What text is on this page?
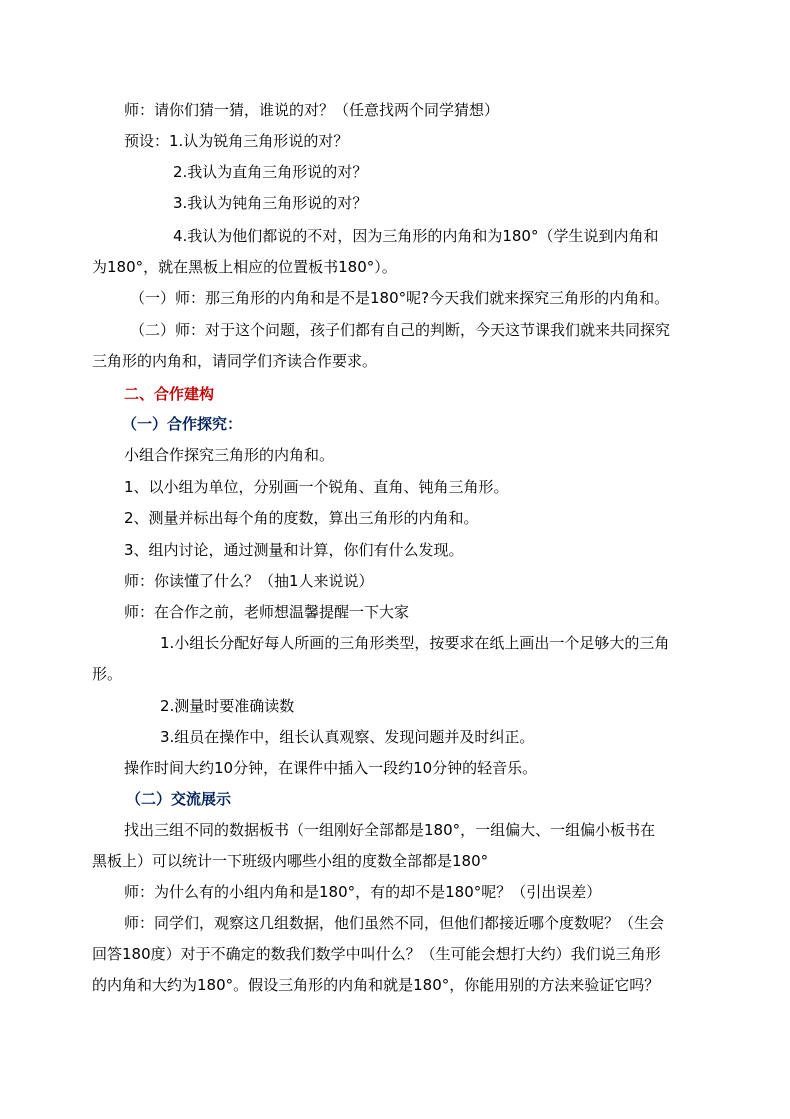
师：请你们猜一猜，谁说的对？（任意找两个同学猜想）
预设：1.认为锐角三角形说的对？
2.我认为直角三角形说的对？
3.我认为钝角三角形说的对？
4.我认为他们都说的不对，因为三角形的内角和为180°（学生说到内角和
为180°，就在黑板上相应的位置板书180°）。
（一）师：那三角形的内角和是不是180°呢?今天我们就来探究三角形的内角和。
（二）师：对于这个问题，孩子们都有自己的判断，今天这节课我们就来共同探究
三角形的内角和，请同学们齐读合作要求。
二、合作建构
（一）合作探究：
小组合作探究三角形的内角和。
1、以小组为单位，分别画一个锐角、直角、钝角三角形。
2、测量并标出每个角的度数，算出三角形的内角和。
3、组内讨论，通过测量和计算，你们有什么发现。
师：你读懂了什么？（抽1人来说说）
师：在合作之前，老师想温馨提醒一下大家
1.小组长分配好每人所画的三角形类型，按要求在纸上画出一个足够大的三角
形。
2.测量时要准确读数
3.组员在操作中，组长认真观察、发现问题并及时纠正。
操作时间大约10分钟，在课件中插入一段约10分钟的轻音乐。
（二）交流展示
找出三组不同的数据板书（一组刚好全部都是180°，一组偏大、一组偏小板书在
黑板上）可以统计一下班级内哪些小组的度数全部都是180°
师：为什么有的小组内角和是180°，有的却不是180°呢？（引出误差）
师：同学们，观察这几组数据，他们虽然不同，但他们都接近哪个度数呢？（生会
回答180度）对于不确定的数我们数学中叫什么？（生可能会想打大约）我们说三角形
的内角和大约为180°。假设三角形的内角和就是180°，你能用别的方法来验证它吗？
